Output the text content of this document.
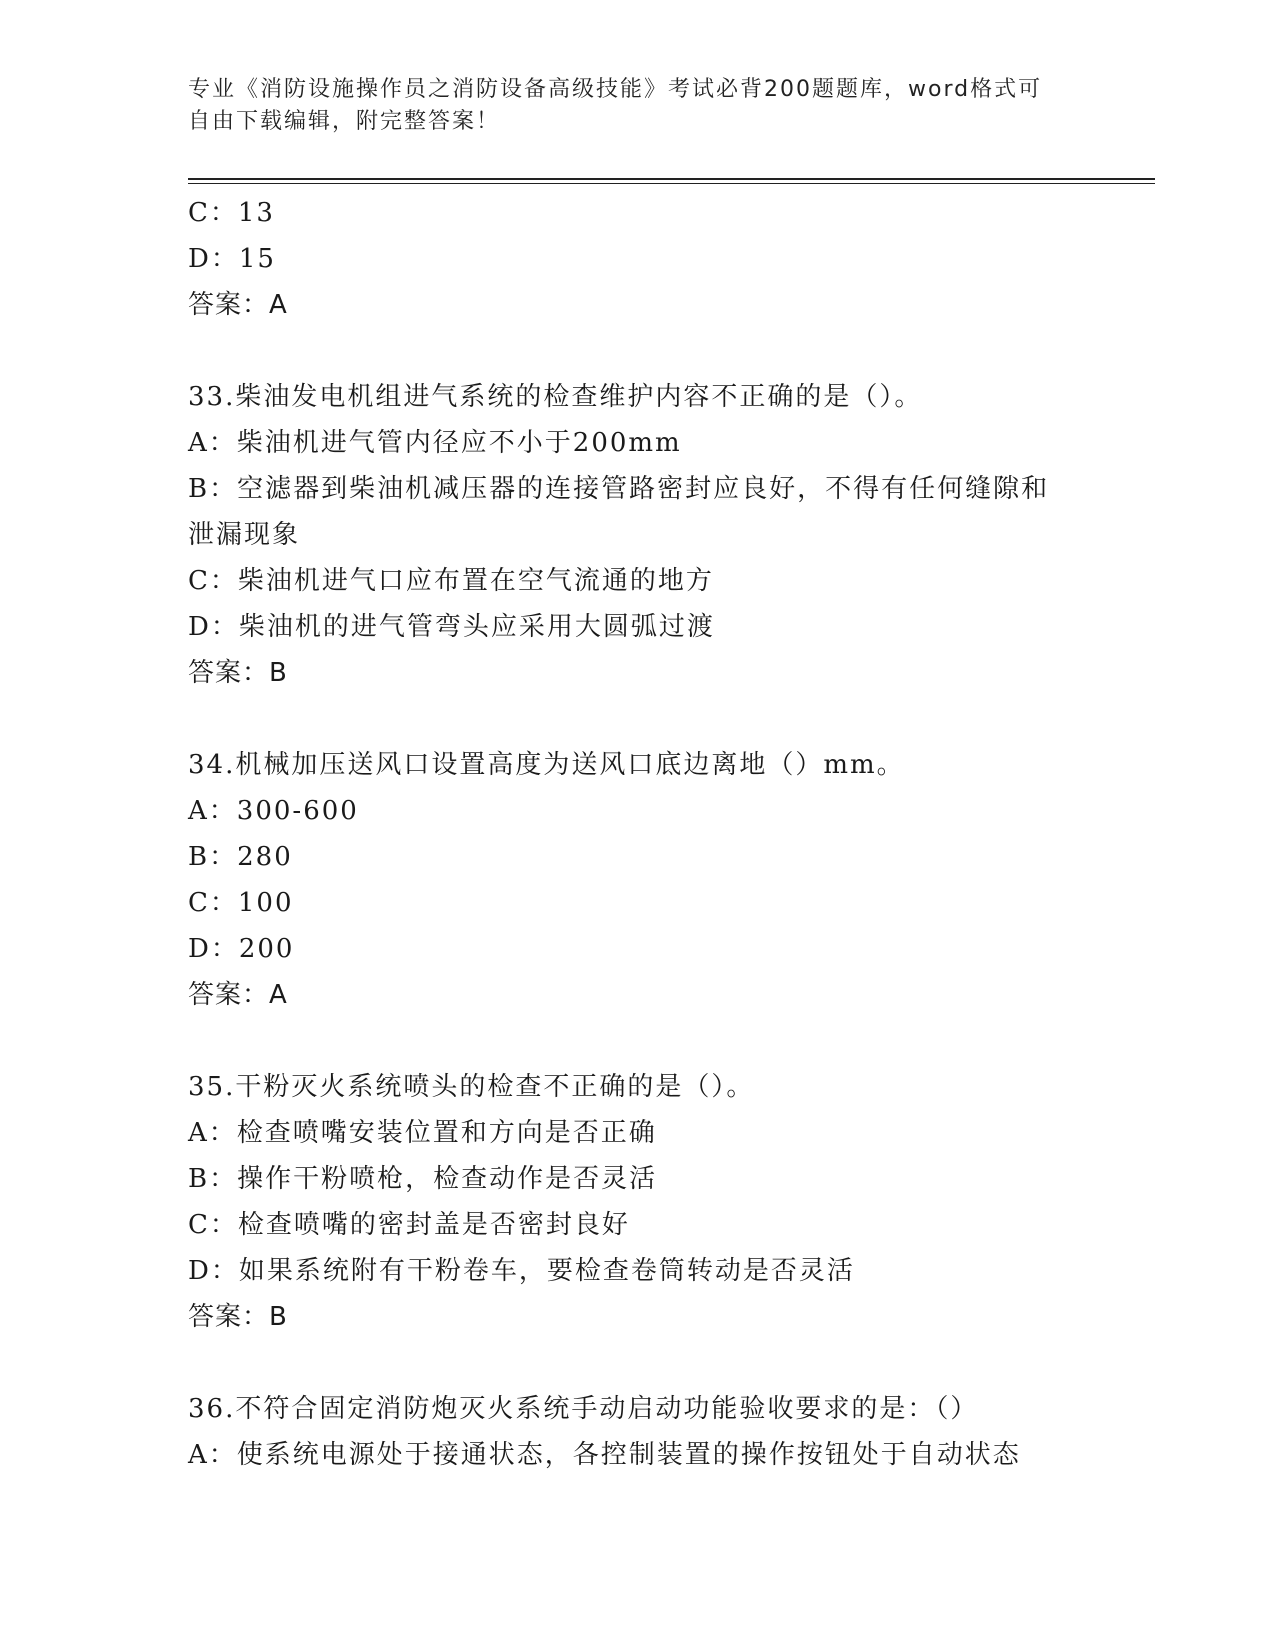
专业《消防设施操作员之消防设备高级技能》考试必背200题题库，word格式可
自由下载编辑，附完整答案！
C：13
D：15
答案：A
33.柴油发电机组进气系统的检查维护内容不正确的是（）。
A：柴油机进气管内径应不小于200mm
B：空滤器到柴油机减压器的连接管路密封应良好，不得有任何缝隙和
泄漏现象
C：柴油机进气口应布置在空气流通的地方
D：柴油机的进气管弯头应采用大圆弧过渡
答案：B
34.机械加压送风口设置高度为送风口底边离地（）mm。
A：300-600
B：280
C：100
D：200
答案：A
35.干粉灭火系统喷头的检查不正确的是（）。
A：检查喷嘴安装位置和方向是否正确
B：操作干粉喷枪，检查动作是否灵活
C：检查喷嘴的密封盖是否密封良好
D：如果系统附有干粉卷车，要检查卷筒转动是否灵活
答案：B
36.不符合固定消防炮灭火系统手动启动功能验收要求的是：（）
A：使系统电源处于接通状态，各控制装置的操作按钮处于自动状态
